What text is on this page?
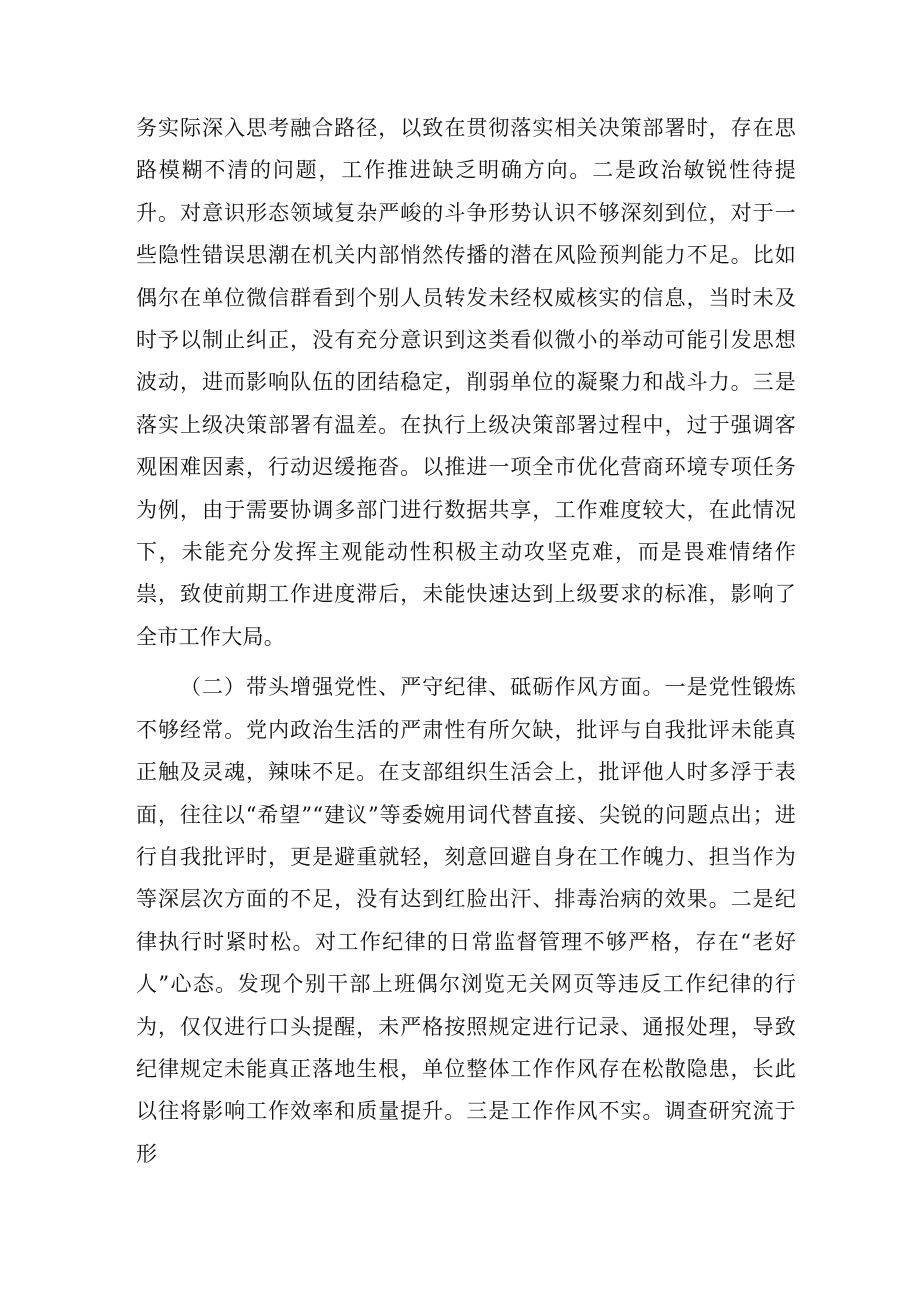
务实际深入思考融合路径，以致在贯彻落实相关决策部署时，存在思路模糊不清的问题，工作推进缺乏明确方向。二是政治敏锐性待提升。对意识形态领域复杂严峻的斗争形势认识不够深刻到位，对于一些隐性错误思潮在机关内部悄然传播的潜在风险预判能力不足。比如偶尔在单位微信群看到个别人员转发未经权威核实的信息，当时未及时予以制止纠正，没有充分意识到这类看似微小的举动可能引发思想波动，进而影响队伍的团结稳定，削弱单位的凝聚力和战斗力。三是落实上级决策部署有温差。在执行上级决策部署过程中，过于强调客观困难因素，行动迟缓拖沓。以推进一项全市优化营商环境专项任务为例，由于需要协调多部门进行数据共享，工作难度较大，在此情况下，未能充分发挥主观能动性积极主动攻坚克难，而是畏难情绪作祟，致使前期工作进度滞后，未能快速达到上级要求的标准，影响了全市工作大局。

（二）带头增强党性、严守纪律、砥砺作风方面。一是党性锻炼不够经常。党内政治生活的严肃性有所欠缺，批评与自我批评未能真正触及灵魂，辣味不足。在支部组织生活会上，批评他人时多浮于表面，往往以“希望”“建议”等委婉用词代替直接、尖锐的问题点出；进行自我批评时，更是避重就轻，刻意回避自身在工作魄力、担当作为等深层次方面的不足，没有达到红脸出汗、排毒治病的效果。二是纪律执行时紧时松。对工作纪律的日常监督管理不够严格，存在“老好人”心态。发现个别干部上班偶尔浏览无关网页等违反工作纪律的行为，仅仅进行口头提醒，未严格按照规定进行记录、通报处理，导致纪律规定未能真正落地生根，单位整体工作作风存在松散隐患，长此以往将影响工作效率和质量提升。三是工作作风不实。调查研究流于形
